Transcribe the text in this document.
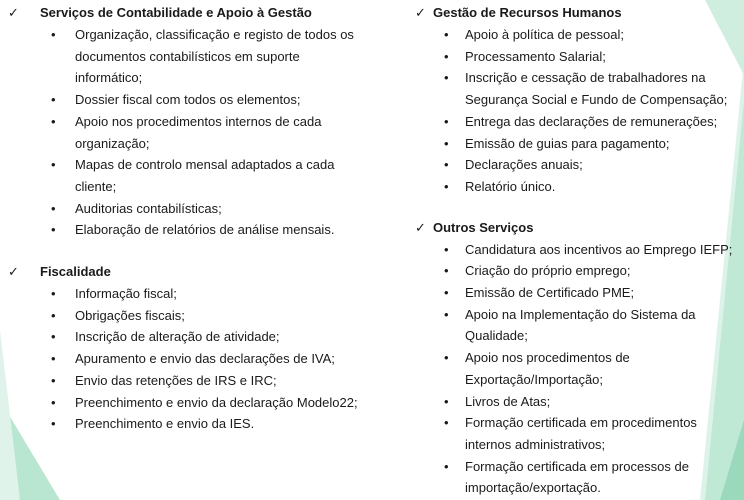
✓ Serviços de Contabilidade e Apoio à Gestão
• Organização, classificação e registo de todos os documentos contabilísticos em suporte informático;
• Dossier fiscal com todos os elementos;
• Apoio nos procedimentos internos de cada organização;
• Mapas de controlo mensal adaptados a cada cliente;
• Auditorias contabilísticas;
• Elaboração de relatórios de análise mensais.
✓ Fiscalidade
• Informação fiscal;
• Obrigações fiscais;
• Inscrição de alteração de atividade;
• Apuramento e envio das declarações de IVA;
• Envio das retenções de IRS e IRC;
• Preenchimento e envio da declaração Modelo22;
• Preenchimento e envio da IES.
✓ Gestão de Recursos Humanos
• Apoio à política de pessoal;
• Processamento Salarial;
• Inscrição e cessação de trabalhadores na Segurança Social e Fundo de Compensação;
• Entrega das declarações de remunerações;
• Emissão de guias para pagamento;
• Declarações anuais;
• Relatório único.
✓ Outros Serviços
• Candidatura aos incentivos ao Emprego IEFP;
• Criação do próprio emprego;
• Emissão de Certificado PME;
• Apoio na Implementação do Sistema da Qualidade;
• Apoio nos procedimentos de Exportação/Importação;
• Livros de Atas;
• Formação certificada em procedimentos internos administrativos;
• Formação certificada em processos de importação/exportação.
